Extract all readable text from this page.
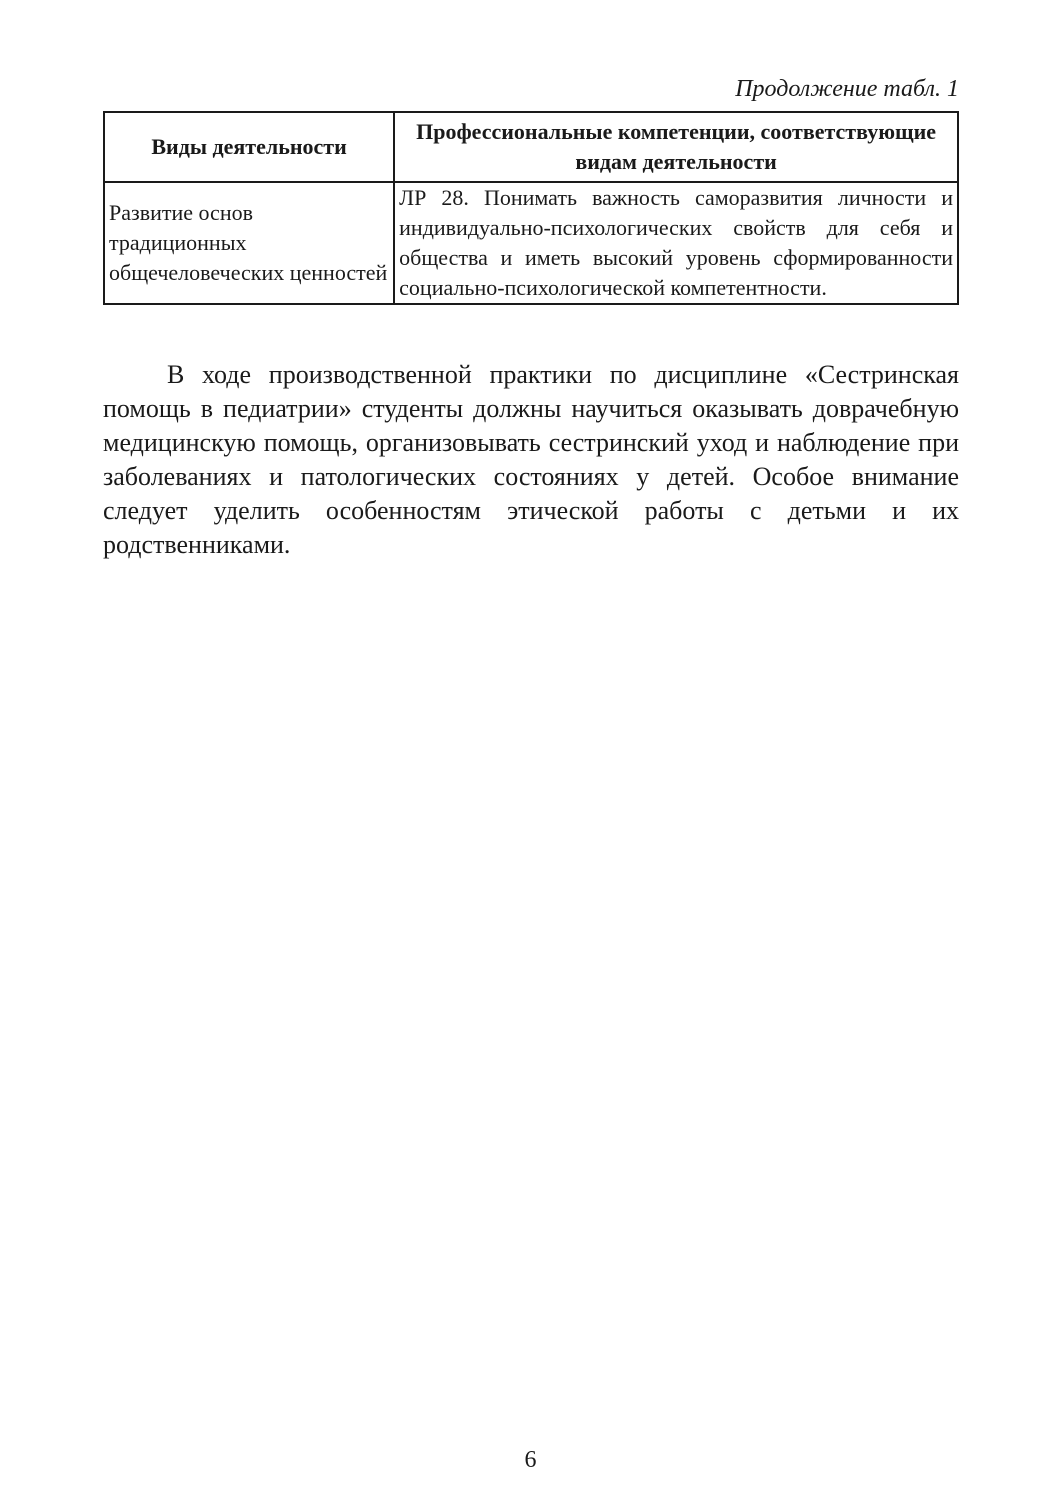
Продолжение табл. 1
Виды деятельности	Профессиональные компетенции, соответствующие видам деятельности
Развитие основ традиционных общечеловеческих ценностей	ЛР 28. Понимать важность саморазвития личности и индивидуально-психологических свойств для себя и общества и иметь высокий уровень сформированности социально-психологической компетентности.

В ходе производственной практики по дисциплине «Сестринская помощь в педиатрии» студенты должны научиться оказывать доврачебную медицинскую помощь, организовывать сестринский уход и наблюдение при заболеваниях и патологических состояниях у детей. Особое внимание следует уделить особенностям этической работы с детьми и их родственниками.

6
